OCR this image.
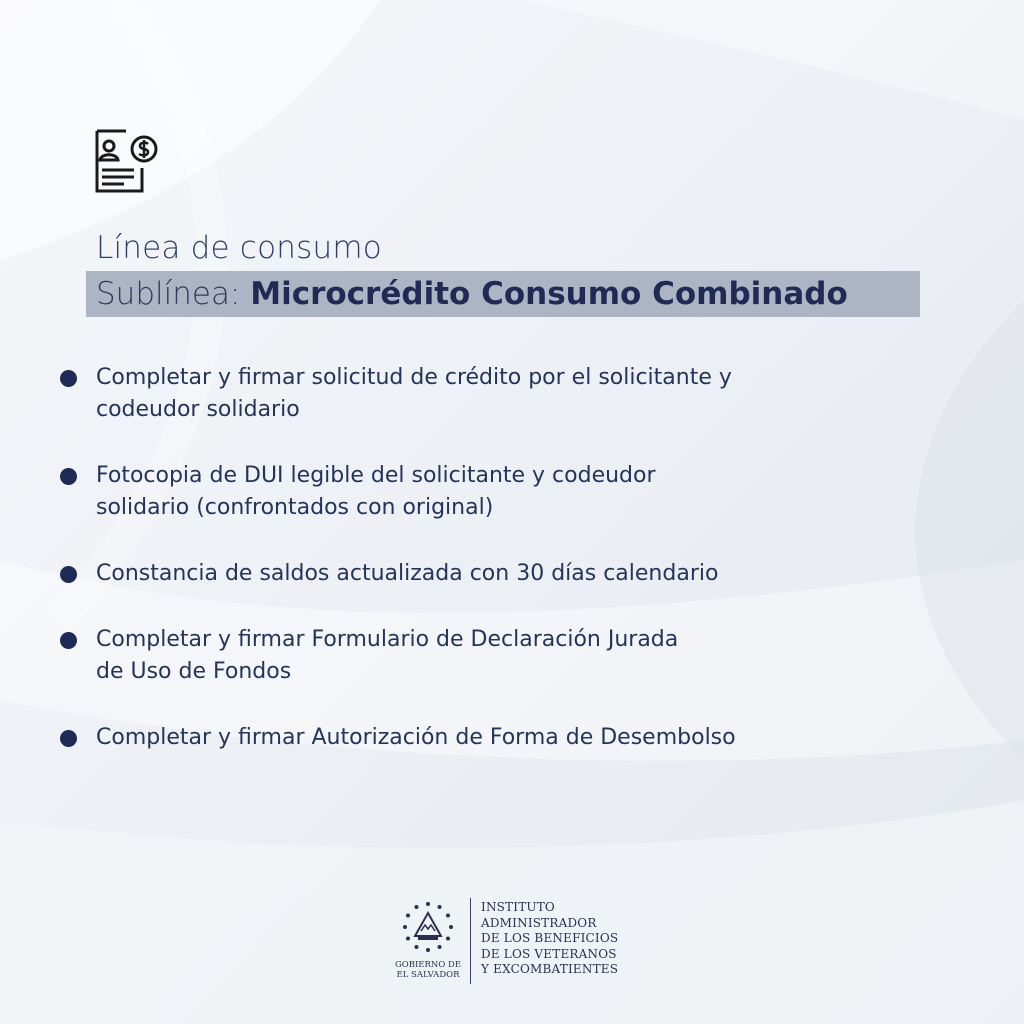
Línea de consumo
Sublínea: Microcrédito Consumo Combinado
Completar y firmar solicitud de crédito por el solicitante y
codeudor solidario
Fotocopia de DUI legible del solicitante y codeudor
solidario (confrontados con original)
Constancia de saldos actualizada con 30 días calendario
Completar y firmar Formulario de Declaración Jurada
de Uso de Fondos
Completar y firmar Autorización de Forma de Desembolso
GOBIERNO DE
EL SALVADOR
INSTITUTO
ADMINISTRADOR
DE LOS BENEFICIOS
DE LOS VETERANOS
Y EXCOMBATIENTES
